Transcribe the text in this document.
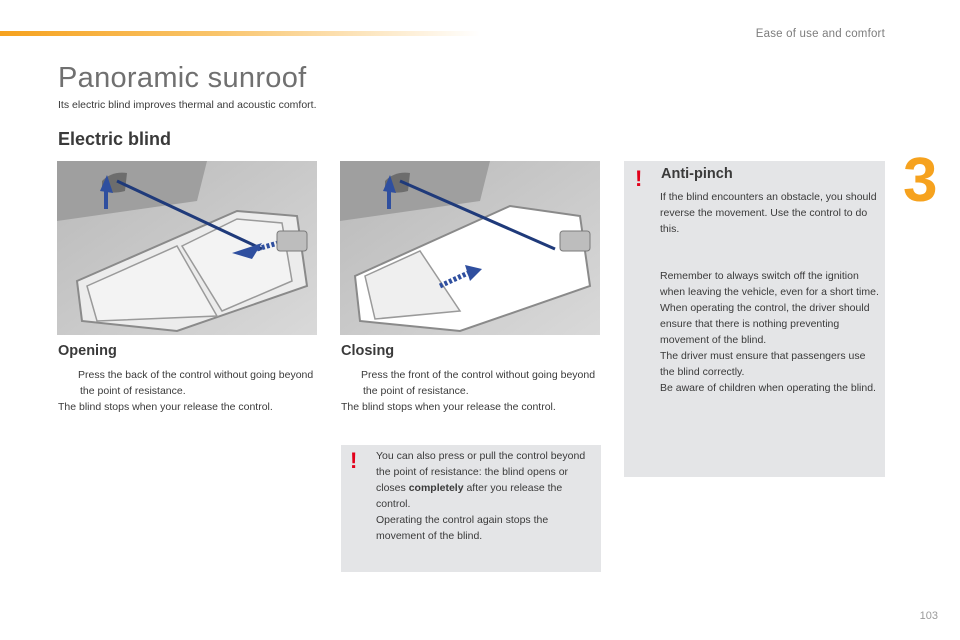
Ease of use and comfort
3
Panoramic sunroof
Its electric blind improves thermal and acoustic comfort.
Electric blind
Opening
Press the back of the control without going beyond the point of resistance.
The blind stops when your release the control.
Closing
Press the front of the control without going beyond the point of resistance.
The blind stops when your release the control.
! You can also press or pull the control beyond the point of resistance: the blind opens or closes completely after you release the control.
Operating the control again stops the movement of the blind.
! Anti-pinch
If the blind encounters an obstacle, you should reverse the movement. Use the control to do this.
Remember to always switch off the ignition when leaving the vehicle, even for a short time.
When operating the control, the driver should ensure that there is nothing preventing movement of the blind.
The driver must ensure that passengers use the blind correctly.
Be aware of children when operating the blind.
103
